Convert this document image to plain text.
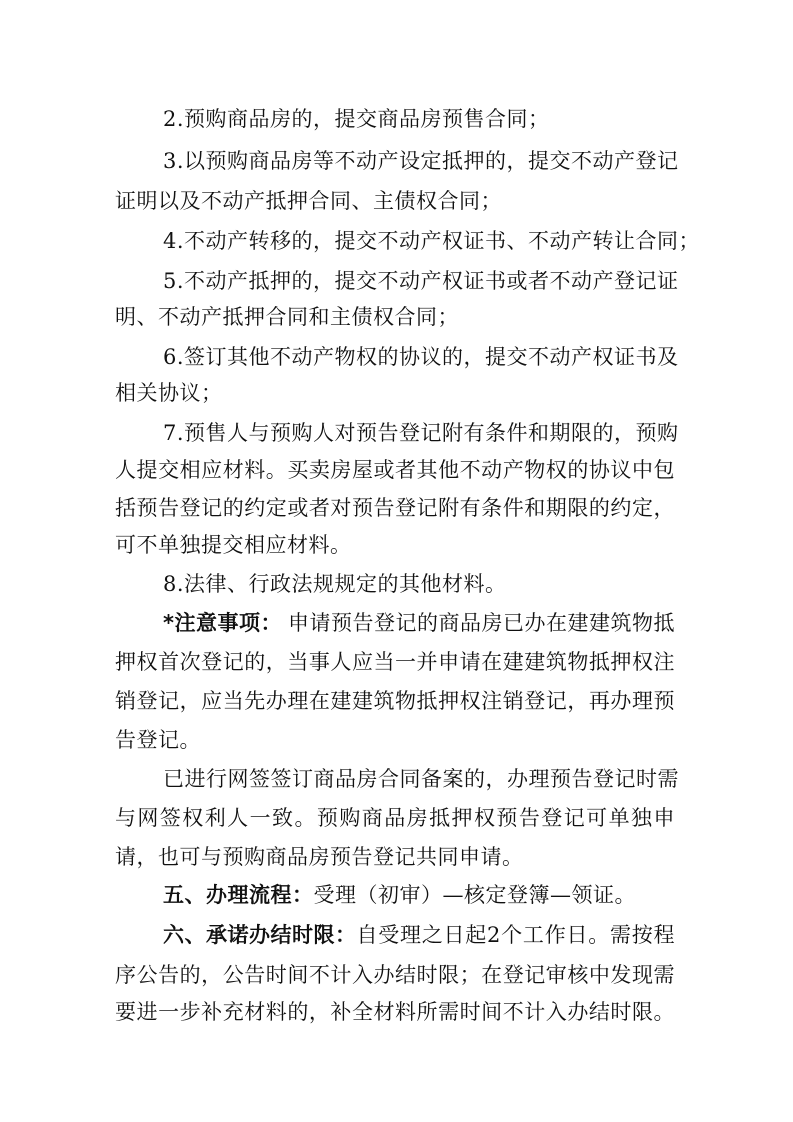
2.预购商品房的，提交商品房预售合同；
3.以预购商品房等不动产设定抵押的，提交不动产登记
证明以及不动产抵押合同、主债权合同；
4.不动产转移的，提交不动产权证书、不动产转让合同；
5.不动产抵押的，提交不动产权证书或者不动产登记证
明、不动产抵押合同和主债权合同；
6.签订其他不动产物权的协议的，提交不动产权证书及
相关协议；
7.预售人与预购人对预告登记附有条件和期限的，预购
人提交相应材料。买卖房屋或者其他不动产物权的协议中包
括预告登记的约定或者对预告登记附有条件和期限的约定，
可不单独提交相应材料。
8.法律、行政法规规定的其他材料。
*注意事项： 申请预告登记的商品房已办在建建筑物抵
押权首次登记的，当事人应当一并申请在建建筑物抵押权注
销登记，应当先办理在建建筑物抵押权注销登记，再办理预
告登记。
已进行网签签订商品房合同备案的，办理预告登记时需
与网签权利人一致。预购商品房抵押权预告登记可单独申
请，也可与预购商品房预告登记共同申请。
五、办理流程：受理（初审）—核定登簿—领证。
六、承诺办结时限： 自受理之日起2个工作日。需按程
序公告的，公告时间不计入办结时限；在登记审核中发现需
要进一步补充材料的，补全材料所需时间不计入办结时限。
